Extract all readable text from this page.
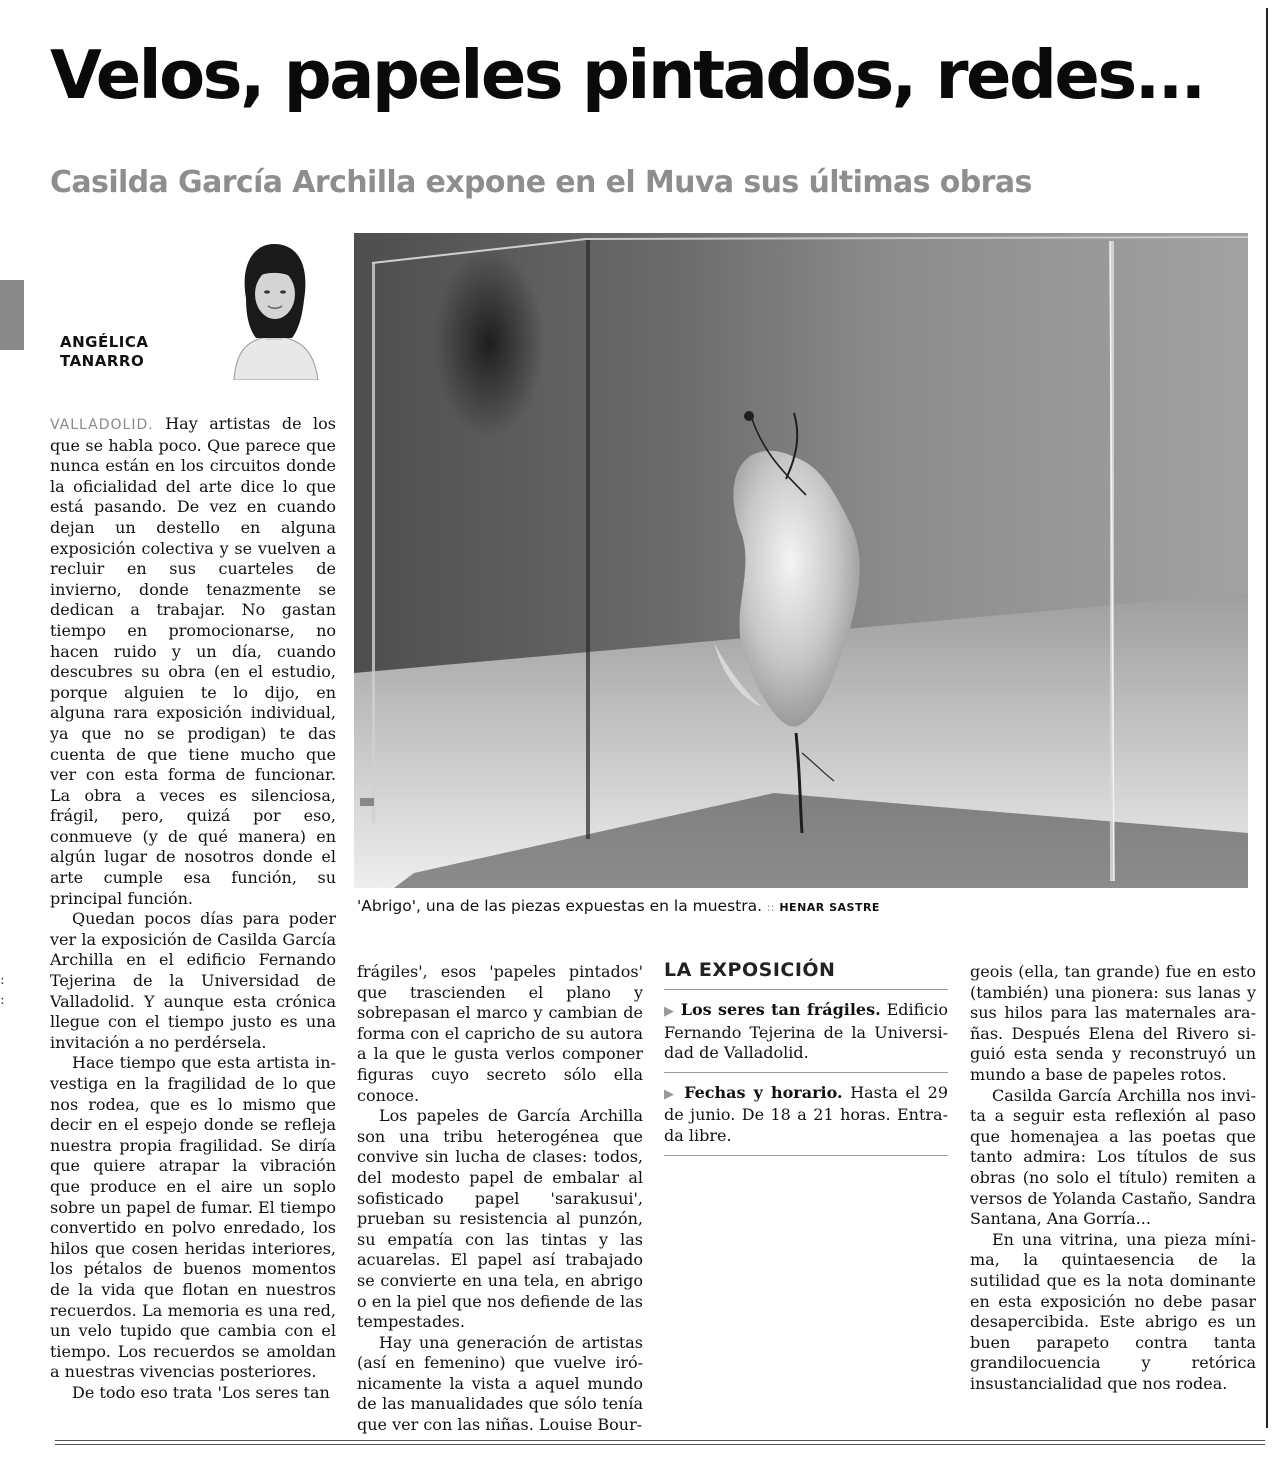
Velos, papeles pintados, redes...
Casilda García Archilla expone en el Muva sus últimas obras
:
:
ANGÉLICA
TANARRO
'Abrigo', una de las piezas expuestas en la muestra. :: HENAR SASTRE

VALLADOLID. Hay artistas de los que se habla poco. Que parece que nunca están en los circuitos donde la oficialidad del arte dice lo que está pasando. De vez en cuando dejan un destello en alguna exposición colectiva y se vuelven a recluir en sus cuarteles de invierno, donde tenazmente se dedican a trabajar. No gastan tiempo en promocionarse, no hacen ruido y un día, cuando descubres su obra (en el estudio, porque alguien te lo dijo, en alguna rara exposición individual, ya que no se prodigan) te das cuenta de que tiene mucho que ver con esta forma de funcionar. La obra a veces es silenciosa, frágil, pero, quizá por eso, conmueve (y de qué manera) en algún lugar de nosotros donde el arte cumple esa función, su principal función.

Quedan pocos días para poder ver la exposición de Casilda García Archilla en el edificio Fernando Tejerina de la Universidad de Valladolid. Y aunque esta crónica llegue con el tiempo justo es una invitación a no perdérsela.

Hace tiempo que esta artista investiga en la fragilidad de lo que nos rodea, que es lo mismo que decir en el espejo donde se refleja nuestra propia fragilidad. Se diría que quiere atrapar la vibración que produce en el aire un soplo sobre un papel de fumar. El tiempo convertido en polvo enredado, los hilos que cosen heridas interiores, los pétalos de buenos momentos de la vida que flotan en nuestros recuerdos. La memoria es una red, un velo tupido que cambia con el tiempo. Los recuerdos se amoldan a nuestras vivencias posteriores.

De todo eso trata 'Los seres tan

frágiles', esos 'papeles pintados' que trascienden el plano y sobrepasan el marco y cambian de forma con el capricho de su autora a la que le gusta verlos componer figuras cuyo secreto sólo ella conoce.

Los papeles de García Archilla son una tribu heterogénea que convive sin lucha de clases: todos, del modesto papel de embalar al sofisticado papel 'sarakusui', prueban su resistencia al punzón, su empatía con las tintas y las acuarelas. El papel así trabajado se convierte en una tela, en abrigo o en la piel que nos defiende de las tempestades.

Hay una generación de artistas (así en femenino) que vuelve irónicamente la vista a aquel mundo de las manualidades que sólo tenía que ver con las niñas. Louise Bour-

LA EXPOSICIÓN
▶ Los seres tan frágiles. Edificio Fernando Tejerina de la Universidad de Valladolid.
▶ Fechas y horario. Hasta el 29 de junio. De 18 a 21 horas. Entrada libre.

geois (ella, tan grande) fue en esto (también) una pionera: sus lanas y sus hilos para las maternales arañas. Después Elena del Rivero siguió esta senda y reconstruyó un mundo a base de papeles rotos.

Casilda García Archilla nos invita a seguir esta reflexión al paso que homenajea a las poetas que tanto admira: Los títulos de sus obras (no solo el título) remiten a versos de Yolanda Castaño, Sandra Santana, Ana Gorría...

En una vitrina, una pieza mínima, la quintaesencia de la sutilidad que es la nota dominante en esta exposición no debe pasar desapercibida. Este abrigo es un buen parapeto contra tanta grandilocuencia y retórica insustancialidad que nos rodea.
